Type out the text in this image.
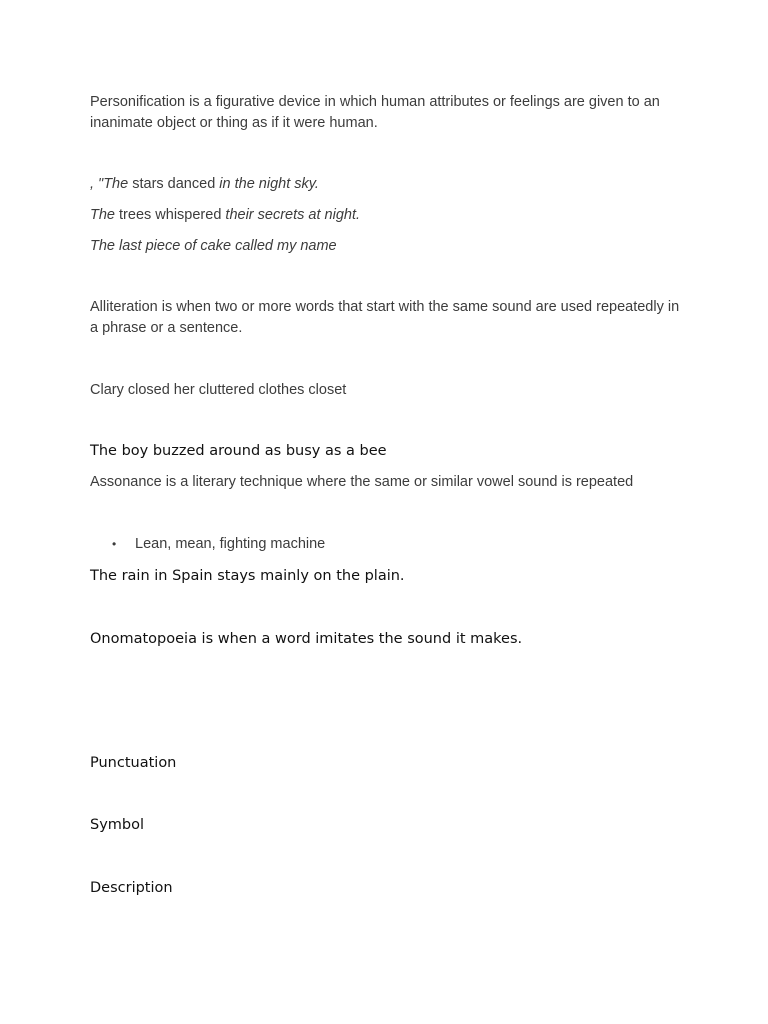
Personification is a figurative device in which human attributes or feelings are given to an inanimate object or thing as if it were human.

, "The stars danced in the night sky.

The trees whispered their secrets at night.

The last piece of cake called my name

Alliteration is when two or more words that start with the same sound are used repeatedly in a phrase or a sentence.

Clary closed her cluttered clothes closet

The boy buzzed around as busy as a bee

Assonance is a literary technique where the same or similar vowel sound is repeated

• Lean, mean, fighting machine

The rain in Spain stays mainly on the plain.

Onomatopoeia is when a word imitates the sound it makes.

Punctuation

Symbol

Description
